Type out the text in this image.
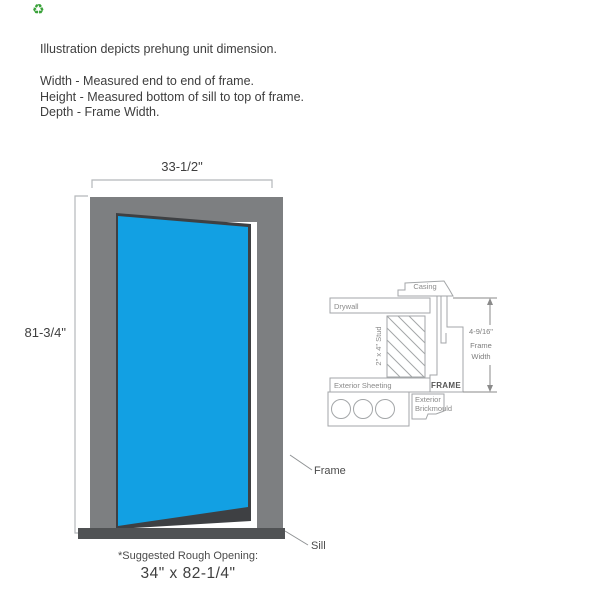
♻

Illustration depicts prehung unit dimension.

Width - Measured end to end of frame.

Height - Measured bottom of sill to top of frame.

Depth - Frame Width.

33-1/2"
81-3/4"
Frame
Sill
*Suggested Rough Opening:
34" x 82-1/4"
Casing
Drywall
2" x 4" Stud
Exterior Sheeting	FRAME
4-9/16"
Frame
Width
Exterior
Brickmould
